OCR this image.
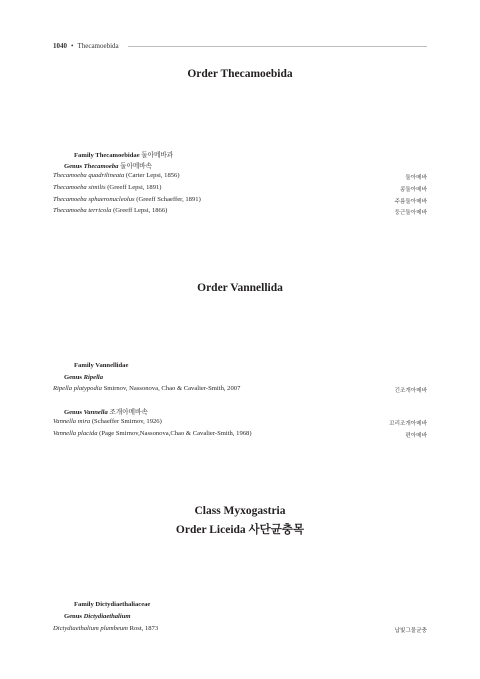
1040 • Thecamoebida
Order Thecamoebida
Family Thecamoebidae 둘아메바과
Genus Thecamoeba 둘아메바속
Thecamoeba quadrilineata (Carter Lepsi, 1856)	둘아메바
Thecamoeba similis (Greeff Lepsi, 1891)	콩둘아메바
Thecamoeba sphaeronucleolus (Greeff Schaeffer, 1891)	주름둘아메바
Thecamoeba terricola (Greeff Lepsi, 1866)	둥근둘아메바
Order Vannellida
Family Vannellidae
Genus Ripella
Ripella platypodia Smirnov, Nassonova, Chao & Cavalier-Smith, 2007	긴조개아메바
Genus Vannella 조개아메바속
Vannella mira (Schaeffer Smirnov, 1926)	꼬리조개아메바
Vannella placida (Page Smirnov,Nassonova,Chao & Cavalier-Smith, 1968)	편아메바
Class Myxogastria
Order Liceida 사단균충목
Family Dictydiaethaliaceae
Genus Dictydiaethalium
Dictydiaethalium plumbeum Rost, 1873	납빛그물균충
